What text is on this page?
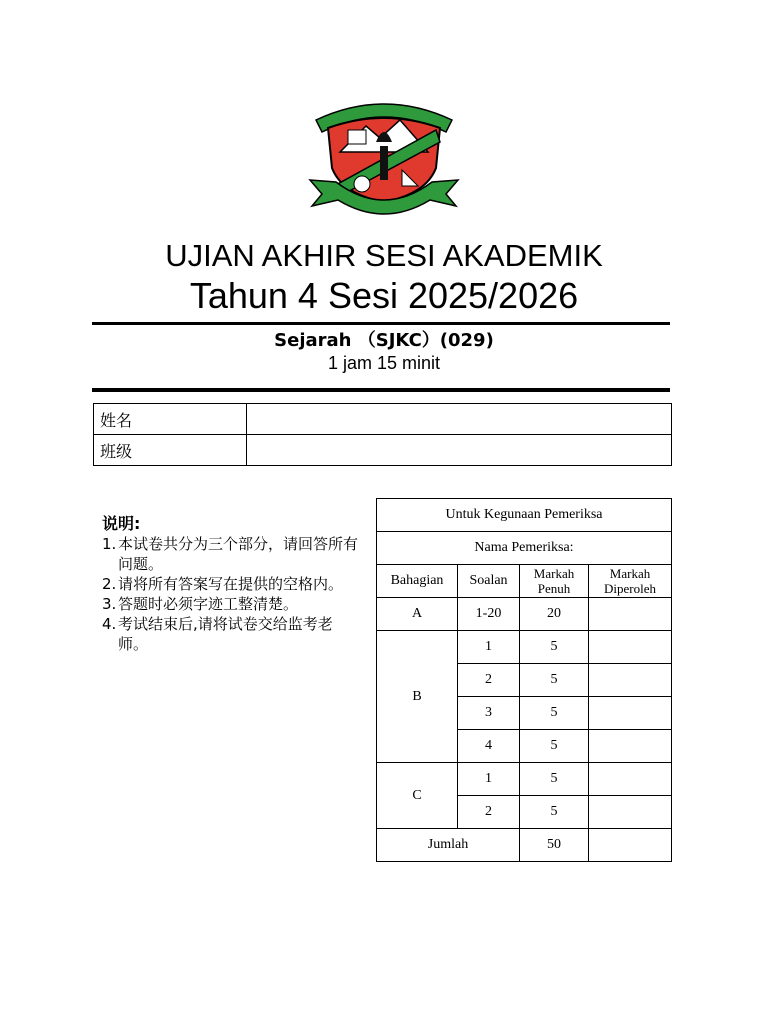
UJIAN AKHIR SESI AKADEMIK
Tahun 4 Sesi 2025/2026
Sejarah （SJKC）(029)
1 jam 15 minit
姓名	
班级	
说明:
1. 本试卷共分为三个部分，请回答所有问题。
2. 请将所有答案写在提供的空格内。
3. 答题时必须字迹工整清楚。
4. 考试结束后,请将试卷交给监考老师。
Untuk Kegunaan Pemeriksa			
Nama Pemeriksa:			
Bahagian	Soalan	Markah Penuh	Markah Diperoleh
A	1-20	20	
B	1	5	
	2	5	
	3	5	
	4	5	
C	1	5	
	2	5	
Jumlah		50	
